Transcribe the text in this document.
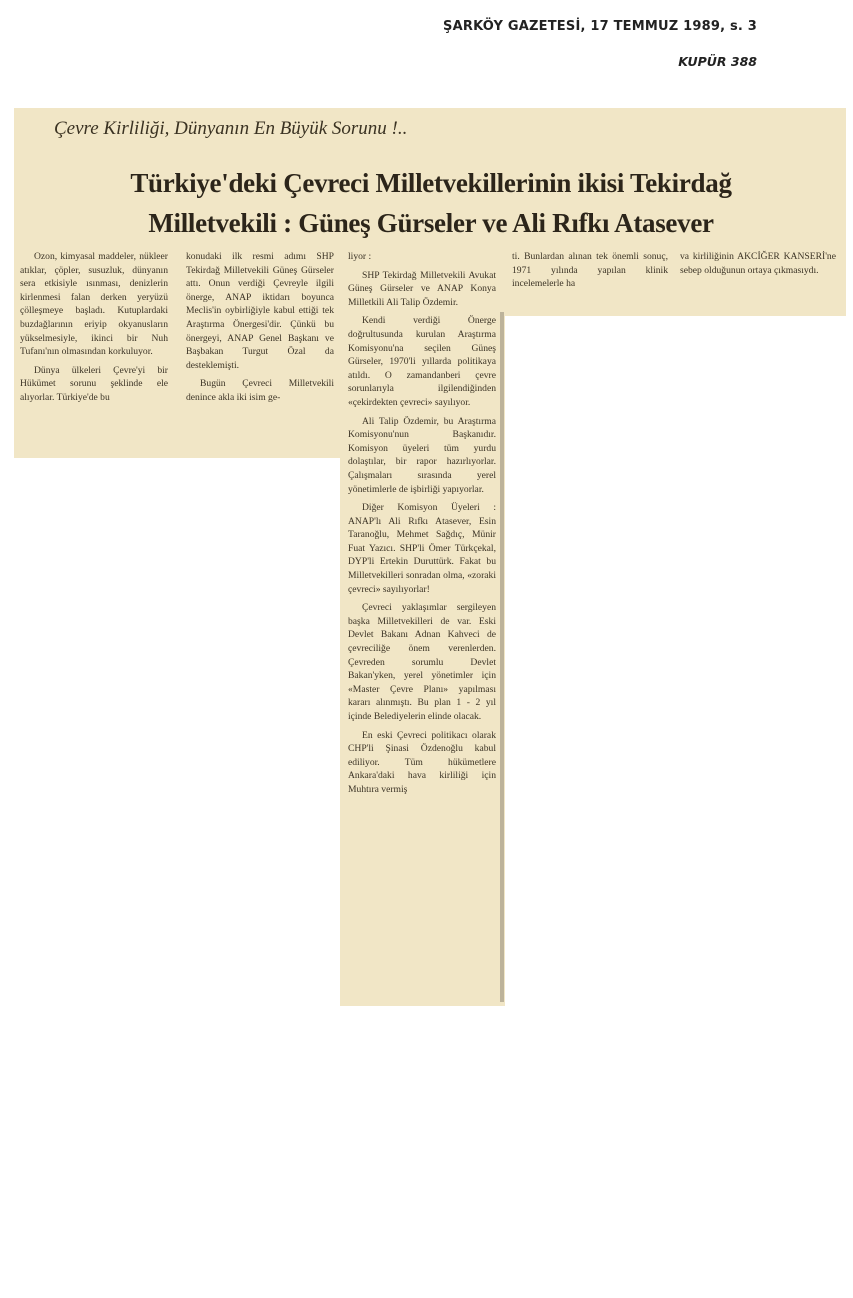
ŞARKÖY GAZETESİ, 17 TEMMUZ 1989, s. 3
KUPÜR 388
Çevre Kirliliği, Dünyanın En Büyük Sorunu !..
Türkiye'deki Çevreci Milletvekillerinin ikisi Tekirdağ
Milletvekili : Güneş Gürseler ve Ali Rıfkı Atasever

Ozon, kimyasal maddeler, nükleer atıklar, çöpler, susuzluk, dünyanın sera etkisiyle ısınması, denizlerin kirlenmesi falan derken yeryüzü çölleşmeye başladı. Kutuplardaki buzdağlarının eriyip okyanusların yükselmesiyle, ikinci bir Nuh Tufanı'nın olmasından korkuluyor.

Dünya ülkeleri Çevre'yi bir Hükümet sorunu şeklinde ele alıyorlar. Türkiye'de bu

konudaki ilk resmi adımı SHP Tekirdağ Milletvekili Güneş Gürseler attı. Onun verdiği Çevreyle ilgili önerge, ANAP iktidarı boyunca Meclis'in oybirliğiyle kabul ettiği tek Araştırma Önergesi'dir. Çünkü bu önergeyi, ANAP Genel Başkanı ve Başbakan Turgut Özal da desteklemişti.

Bugün Çevreci Milletvekili denince akla iki isim ge-

liyor :

SHP Tekirdağ Milletvekili Avukat Güneş Gürseler ve ANAP Konya Milletkili Ali Talip Özdemir.

Kendi verdiği Önerge doğrultusunda kurulan Araştırma Komisyonu'na seçilen Güneş Gürseler, 1970'li yıllarda politikaya atıldı. O zamandanberi çevre sorunlarıyla ilgilendiğinden «çekirdekten çevreci» sayılıyor.

Ali Talip Özdemir, bu Araştırma Komisyonu'nun Başkanıdır. Komisyon üyeleri tüm yurdu dolaştılar, bir rapor hazırlıyorlar. Çalışmaları sırasında yerel yönetimlerle de işbirliği yapıyorlar.

Diğer Komisyon Üyeleri : ANAP'lı Ali Rıfkı Atasever, Esin Taranoğlu, Mehmet Sağdıç, Münir Fuat Yazıcı. SHP'li Ömer Türkçekal, DYP'li Ertekin Duruttürk. Fakat bu Milletvekilleri sonradan olma, «zoraki çevreci» sayılıyorlar!

Çevreci yaklaşımlar sergileyen başka Milletvekilleri de var. Eski Devlet Bakanı Adnan Kahveci de çevreciliğe önem verenlerden. Çevreden sorumlu Devlet Bakan'yken, yerel yönetimler için «Master Çevre Planı» yapılması kararı alınmıştı. Bu plan 1 - 2 yıl içinde Belediyelerin elinde olacak.

En eski Çevreci politikacı olarak CHP'li Şinasi Özdenoğlu kabul ediliyor. Tüm hükümetlere Ankara'daki hava kirliliği için Muhtıra vermiş

ti. Bunlardan alınan tek önemli sonuç, 1971 yılında yapılan klinik incelemelerle ha

va kirliliğinin AKCİĞER KANSERİ'ne sebep olduğunun ortaya çıkmasıydı.
